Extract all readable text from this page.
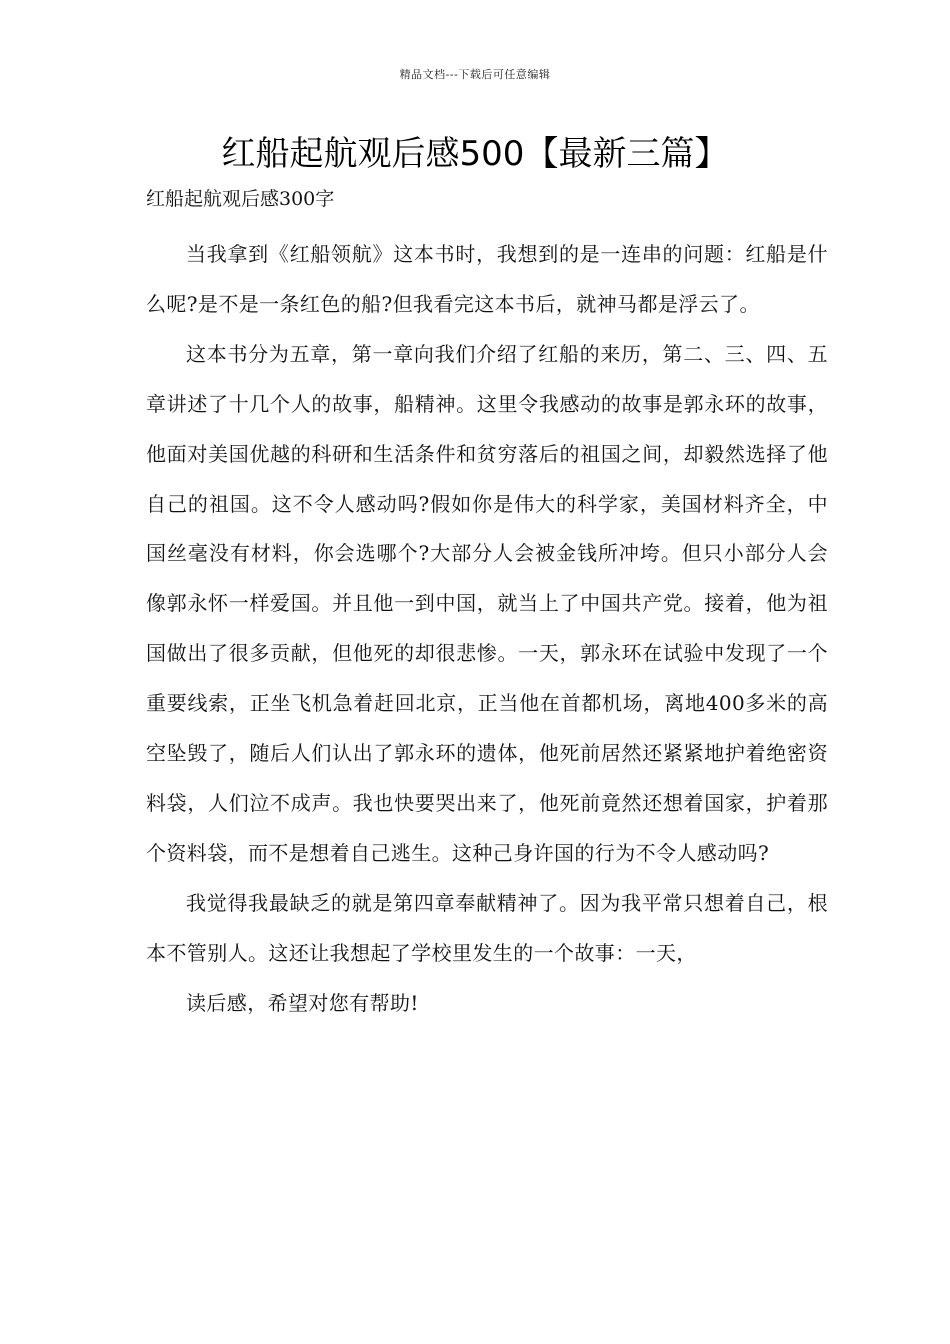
精品文档---下载后可任意编辑
红船起航观后感500【最新三篇】

红船起航观后感300字

当我拿到《红船领航》这本书时，我想到的是一连串的问题：红船是什么呢?是不是一条红色的船?但我看完这本书后，就神马都是浮云了。

这本书分为五章，第一章向我们介绍了红船的来历，第二、三、四、五章讲述了十几个人的故事，船精神。这里令我感动的故事是郭永环的故事，他面对美国优越的科研和生活条件和贫穷落后的祖国之间，却毅然选择了他自己的祖国。这不令人感动吗?假如你是伟大的科学家，美国材料齐全，中国丝毫没有材料，你会选哪个?大部分人会被金钱所冲垮。但只小部分人会像郭永怀一样爱国。并且他一到中国，就当上了中国共产党。接着，他为祖国做出了很多贡献，但他死的却很悲惨。一天，郭永环在试验中发现了一个重要线索，正坐飞机急着赶回北京，正当他在首都机场，离地400多米的高空坠毁了，随后人们认出了郭永环的遗体，他死前居然还紧紧地护着绝密资料袋，人们泣不成声。我也快要哭出来了，他死前竟然还想着国家，护着那个资料袋，而不是想着自己逃生。这种己身许国的行为不令人感动吗?

我觉得我最缺乏的就是第四章奉献精神了。因为我平常只想着自己，根本不管别人。这还让我想起了学校里发生的一个故事：一天，

读后感，希望对您有帮助!
